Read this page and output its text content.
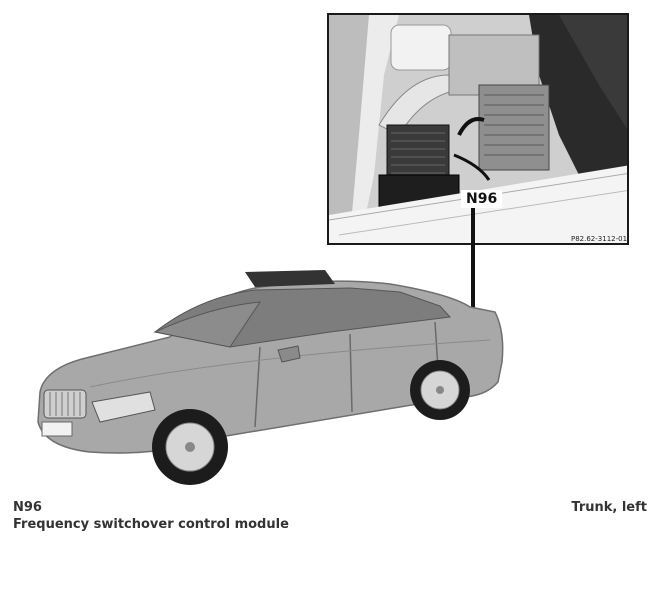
N96
P82.62-3112-01
N96
Frequency switchover control module
Trunk, left
